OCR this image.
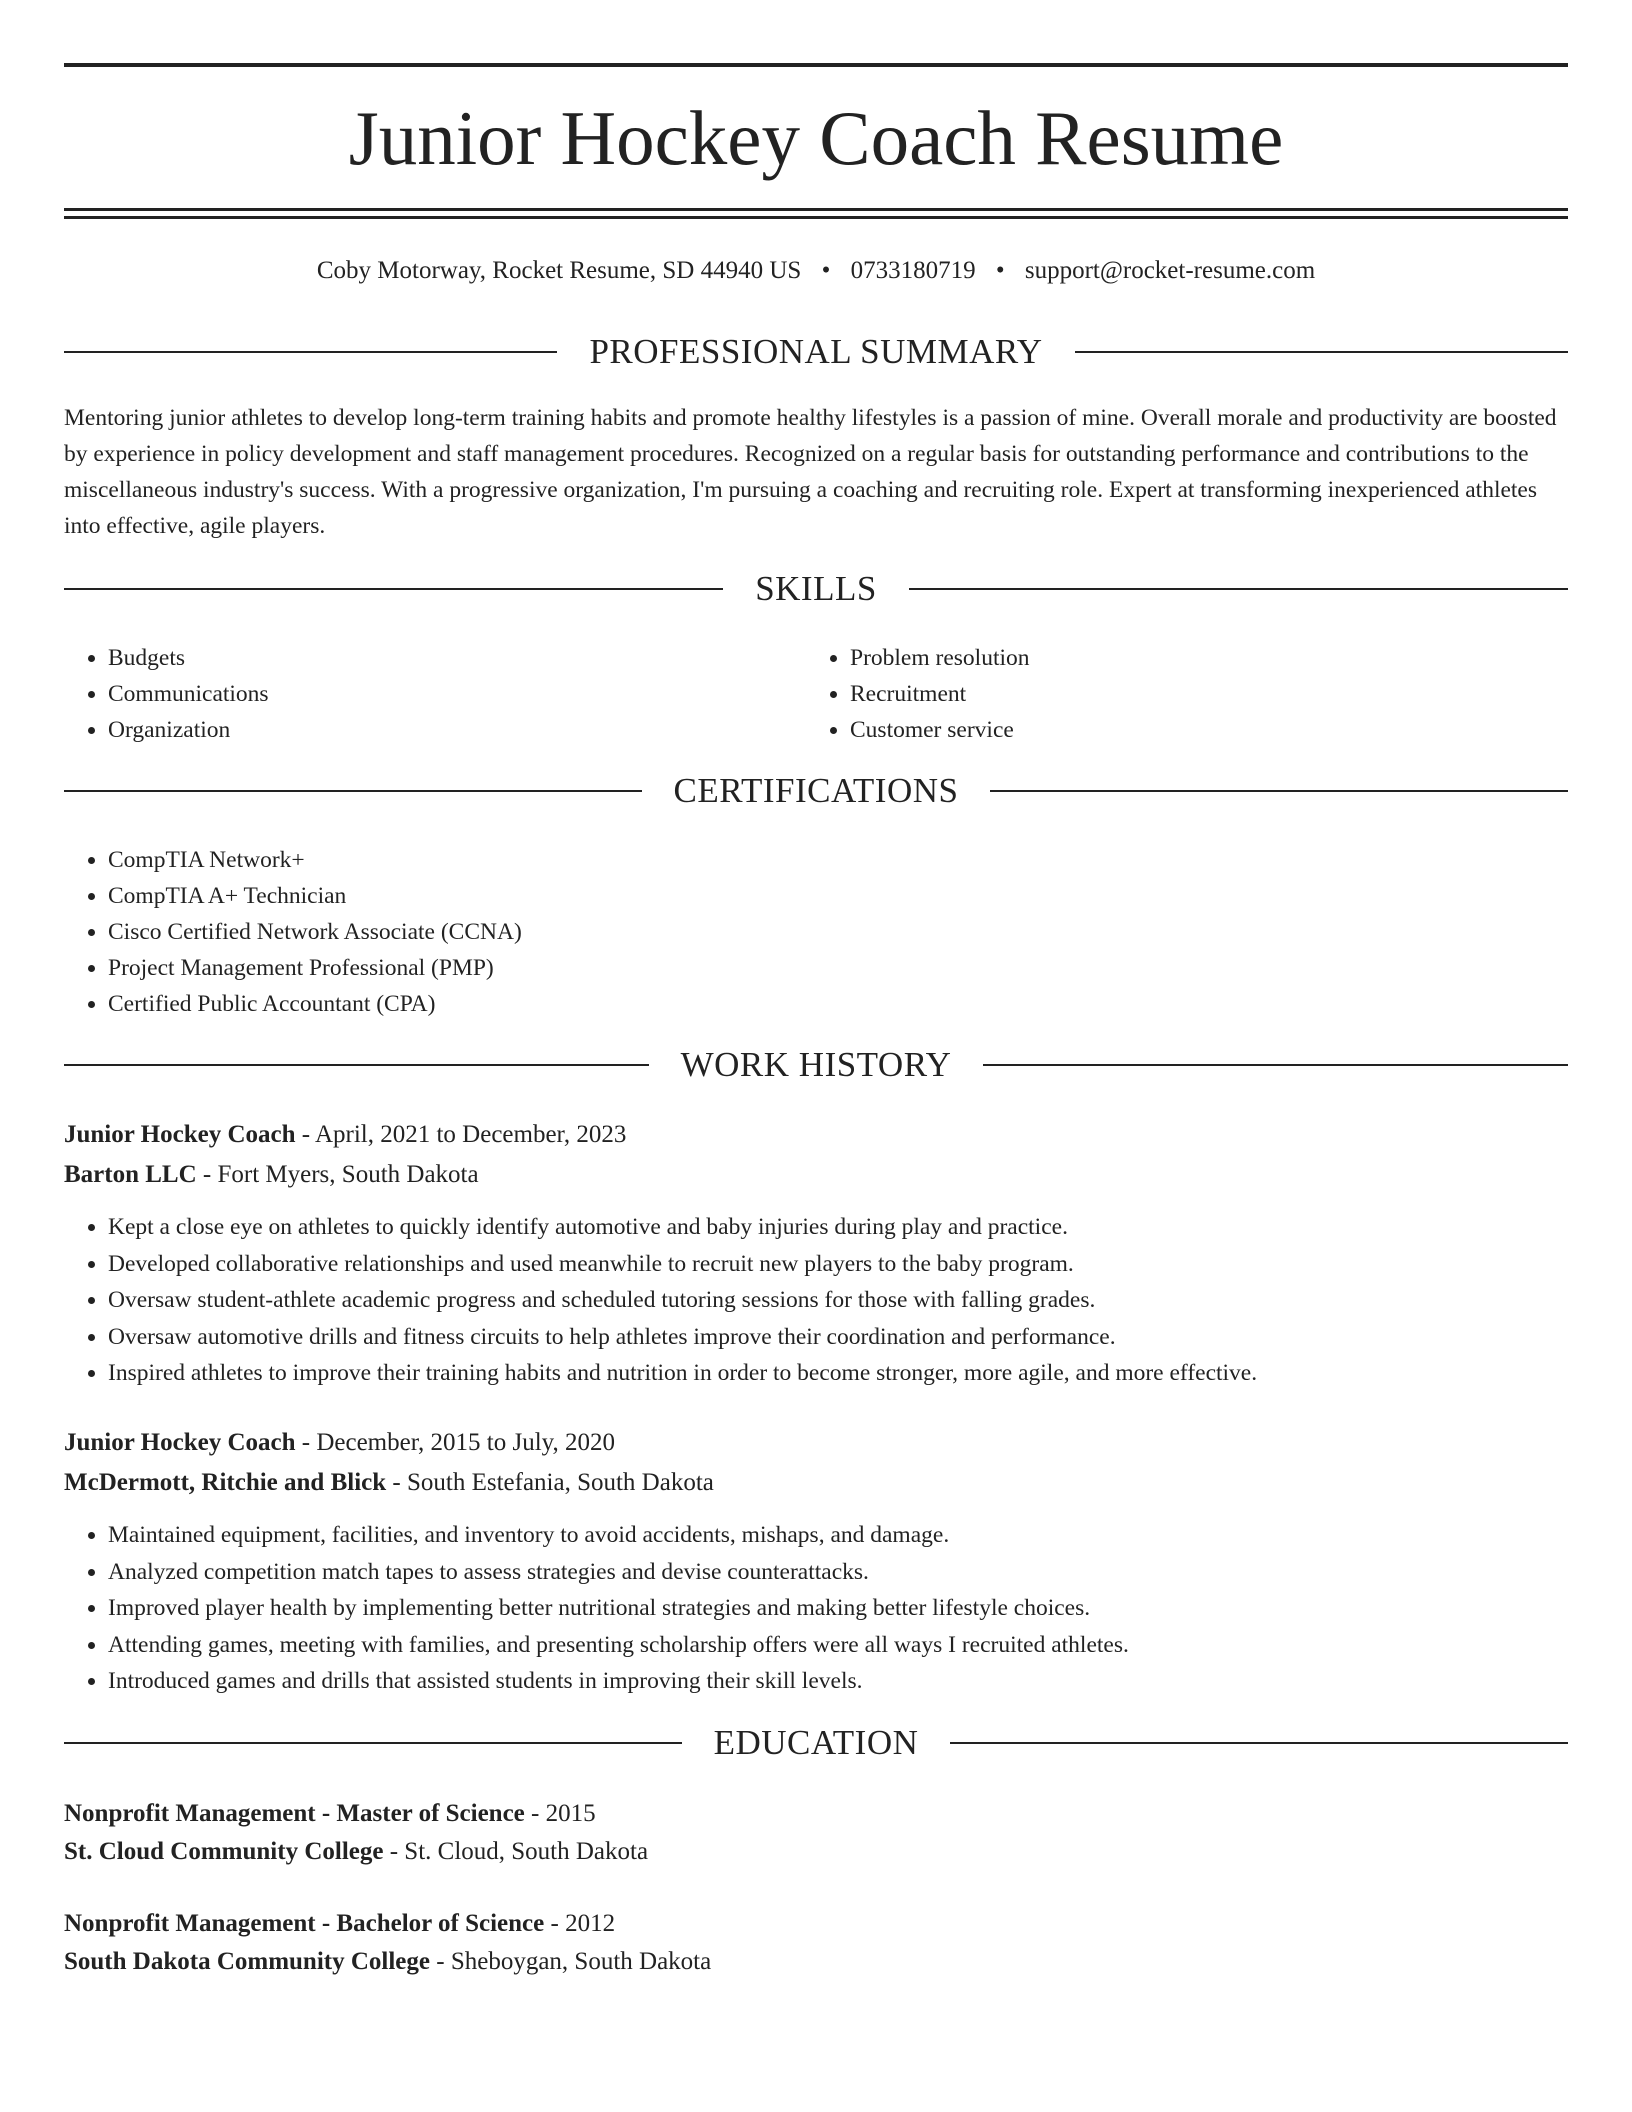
Junior Hockey Coach Resume
Coby Motorway, Rocket Resume, SD 44940 US • 0733180719 • support@rocket-resume.com
PROFESSIONAL SUMMARY

Mentoring junior athletes to develop long-term training habits and promote healthy lifestyles is a passion of mine. Overall morale and productivity are boosted by experience in policy development and staff management procedures. Recognized on a regular basis for outstanding performance and contributions to the miscellaneous industry's success. With a progressive organization, I'm pursuing a coaching and recruiting role. Expert at transforming inexperienced athletes into effective, agile players.

SKILLS
• Budgets
• Communications
• Organization
• Problem resolution
• Recruitment
• Customer service
CERTIFICATIONS
• CompTIA Network+
• CompTIA A+ Technician
• Cisco Certified Network Associate (CCNA)
• Project Management Professional (PMP)
• Certified Public Accountant (CPA)
WORK HISTORY
Junior Hockey Coach - April, 2021 to December, 2023
Barton LLC - Fort Myers, South Dakota
• Kept a close eye on athletes to quickly identify automotive and baby injuries during play and practice.
• Developed collaborative relationships and used meanwhile to recruit new players to the baby program.
• Oversaw student-athlete academic progress and scheduled tutoring sessions for those with falling grades.
• Oversaw automotive drills and fitness circuits to help athletes improve their coordination and performance.
• Inspired athletes to improve their training habits and nutrition in order to become stronger, more agile, and more effective.
Junior Hockey Coach - December, 2015 to July, 2020
McDermott, Ritchie and Blick - South Estefania, South Dakota
• Maintained equipment, facilities, and inventory to avoid accidents, mishaps, and damage.
• Analyzed competition match tapes to assess strategies and devise counterattacks.
• Improved player health by implementing better nutritional strategies and making better lifestyle choices.
• Attending games, meeting with families, and presenting scholarship offers were all ways I recruited athletes.
• Introduced games and drills that assisted students in improving their skill levels.
EDUCATION
Nonprofit Management - Master of Science - 2015
St. Cloud Community College - St. Cloud, South Dakota
Nonprofit Management - Bachelor of Science - 2012
South Dakota Community College - Sheboygan, South Dakota
